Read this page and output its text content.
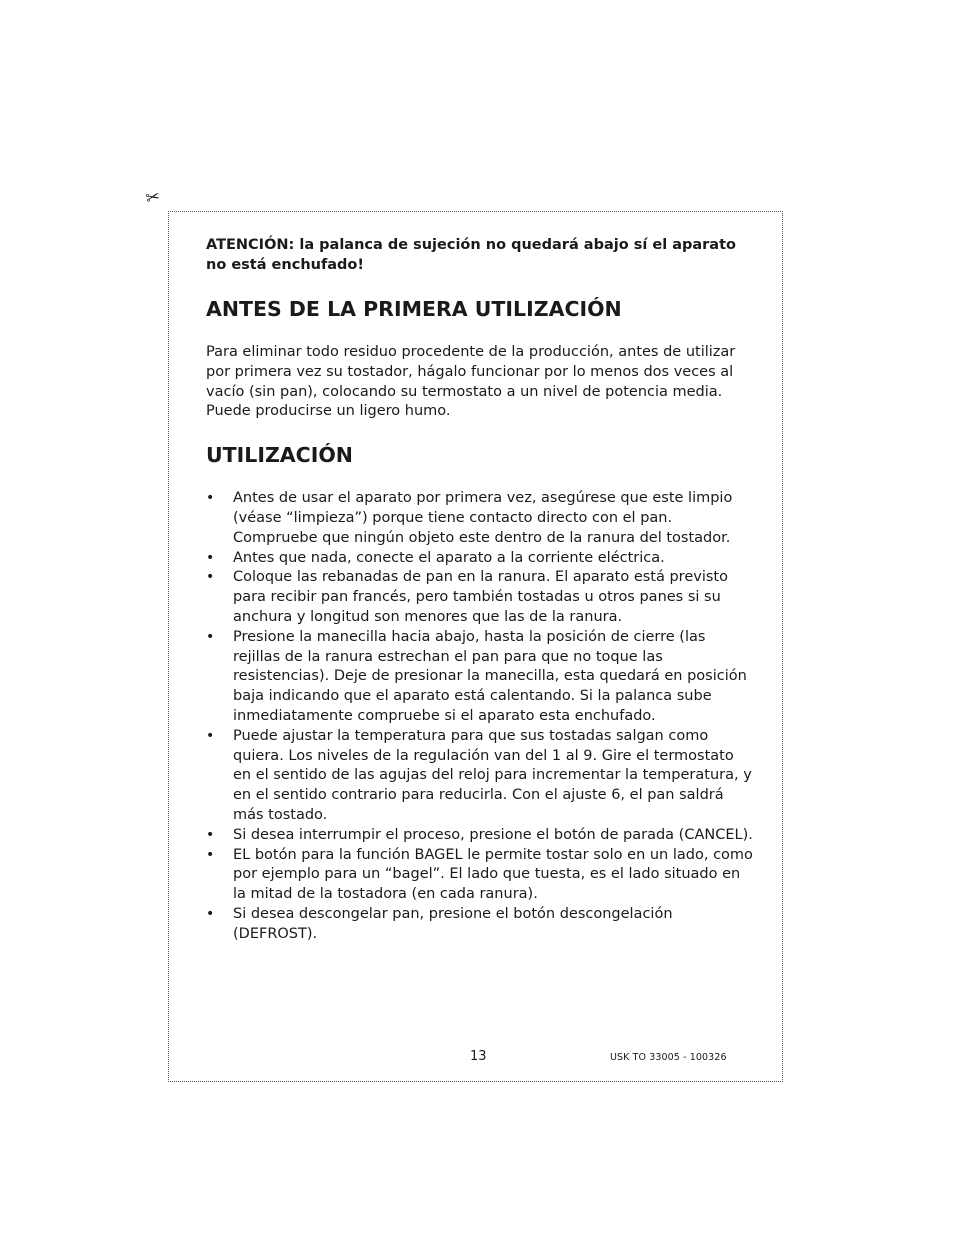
✂

ATENCIÓN: la palanca de sujeción no quedará abajo sí el aparato no está enchufado!

ANTES DE LA PRIMERA UTILIZACIÓN

Para eliminar todo residuo procedente de la producción, antes de utilizar por primera vez su tostador, hágalo funcionar por lo menos dos veces al vacío (sin pan), colocando su termostato a un nivel de potencia media. Puede producirse un ligero humo.

UTILIZACIÓN
• Antes de usar el aparato por primera vez, asegúrese que este limpio (véase “limpieza”) porque tiene contacto directo con el pan. Compruebe que ningún objeto este dentro de la ranura del tostador.
• Antes que nada, conecte el aparato a la corriente eléctrica.
• Coloque las rebanadas de pan en la ranura. El aparato está previsto para recibir pan francés, pero también tostadas u otros panes si su anchura y longitud son menores que las de la ranura.
• Presione la manecilla hacia abajo, hasta la posición de cierre (las rejillas de la ranura estrechan el pan para que no toque las resistencias). Deje de presionar la manecilla, esta quedará en posición baja indicando que el aparato está calentando. Si la palanca sube inmediatamente compruebe si el aparato esta enchufado.
• Puede ajustar la temperatura para que sus tostadas salgan como quiera. Los niveles de la regulación van del 1 al 9. Gire el termostato en el sentido de las agujas del reloj para incrementar la temperatura, y en el sentido contrario para reducirla. Con el ajuste 6, el pan saldrá más tostado.
• Si desea interrumpir el proceso, presione el botón de parada (CANCEL).
• EL botón para la función BAGEL le permite tostar solo en un lado, como por ejemplo para un “bagel”. El lado que tuesta, es el lado situado en la mitad de la tostadora (en cada ranura).
• Si desea descongelar pan, presione el botón descongelación (DEFROST).
13	USK TO 33005 - 100326
